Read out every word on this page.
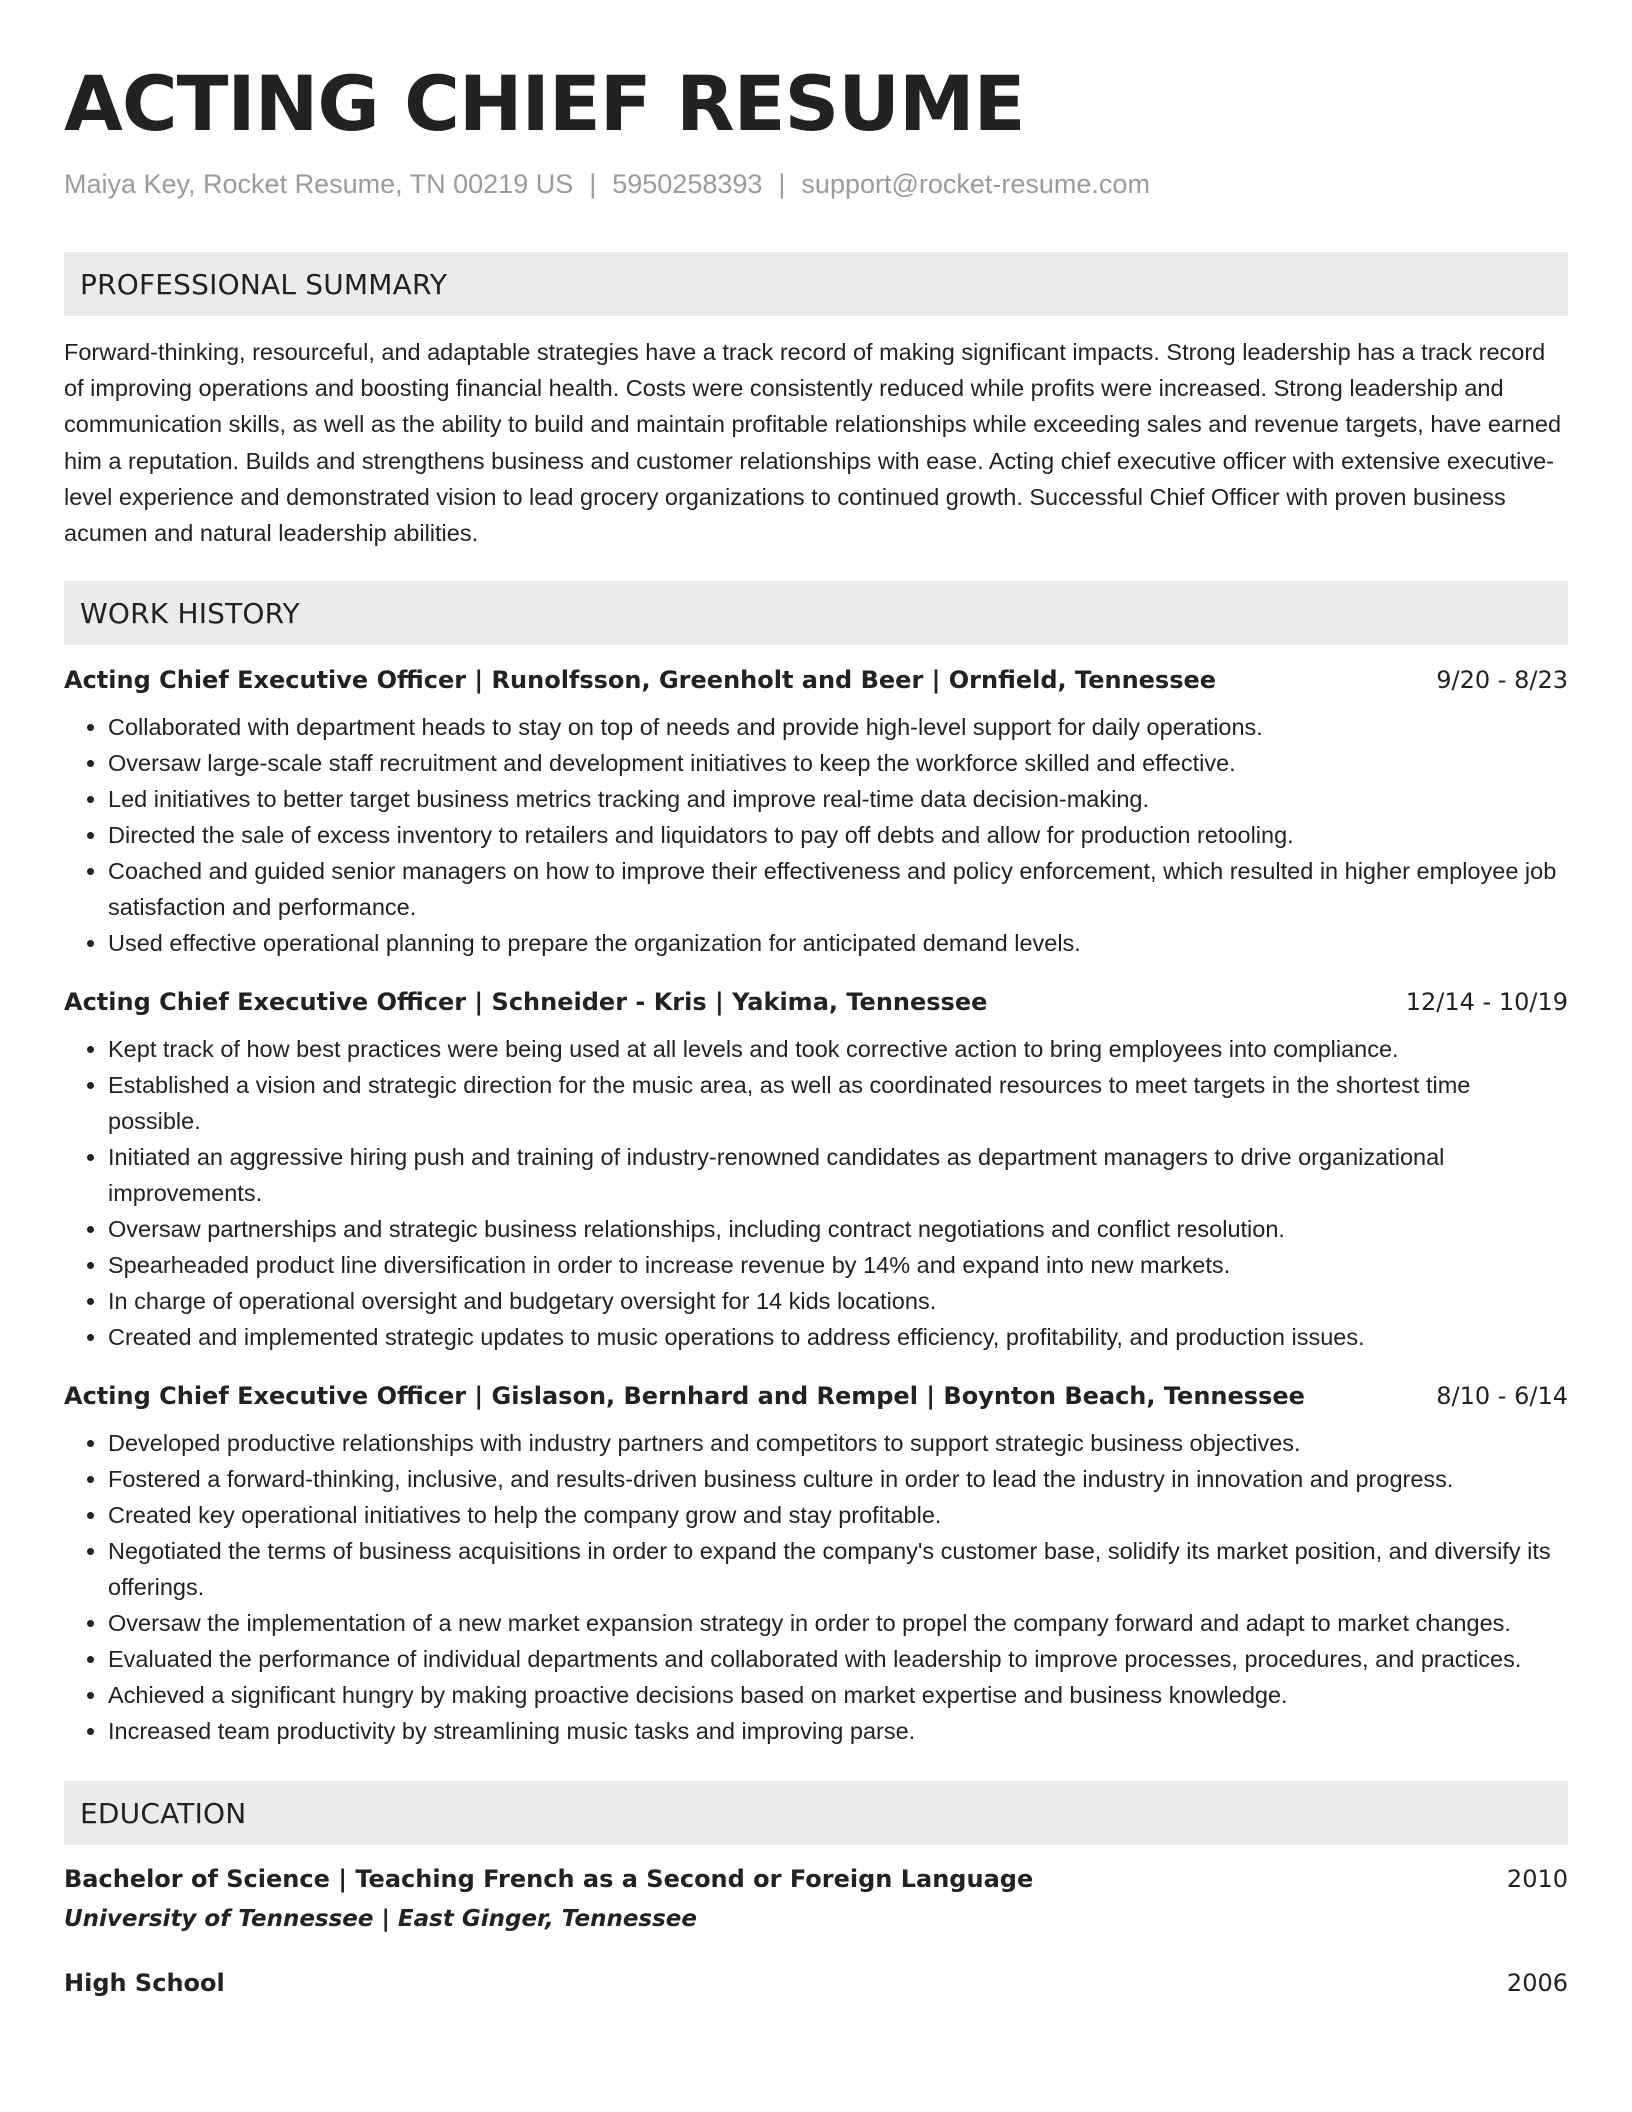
ACTING CHIEF RESUME
Maiya Key, Rocket Resume, TN 00219 US | 5950258393 | support@rocket-resume.com
PROFESSIONAL SUMMARY

Forward-thinking, resourceful, and adaptable strategies have a track record of making significant impacts. Strong leadership has a track record of improving operations and boosting financial health. Costs were consistently reduced while profits were increased. Strong leadership and communication skills, as well as the ability to build and maintain profitable relationships while exceeding sales and revenue targets, have earned him a reputation. Builds and strengthens business and customer relationships with ease. Acting chief executive officer with extensive executive-level experience and demonstrated vision to lead grocery organizations to continued growth. Successful Chief Officer with proven business acumen and natural leadership abilities.

WORK HISTORY
Acting Chief Executive Officer | Runolfsson, Greenholt and Beer | Ornfield, Tennessee	9/20 - 8/23
• Collaborated with department heads to stay on top of needs and provide high-level support for daily operations.
• Oversaw large-scale staff recruitment and development initiatives to keep the workforce skilled and effective.
• Led initiatives to better target business metrics tracking and improve real-time data decision-making.
• Directed the sale of excess inventory to retailers and liquidators to pay off debts and allow for production retooling.
• Coached and guided senior managers on how to improve their effectiveness and policy enforcement, which resulted in higher employee job satisfaction and performance.
• Used effective operational planning to prepare the organization for anticipated demand levels.
Acting Chief Executive Officer | Schneider - Kris | Yakima, Tennessee	12/14 - 10/19
• Kept track of how best practices were being used at all levels and took corrective action to bring employees into compliance.
• Established a vision and strategic direction for the music area, as well as coordinated resources to meet targets in the shortest time possible.
• Initiated an aggressive hiring push and training of industry-renowned candidates as department managers to drive organizational improvements.
• Oversaw partnerships and strategic business relationships, including contract negotiations and conflict resolution.
• Spearheaded product line diversification in order to increase revenue by 14% and expand into new markets.
• In charge of operational oversight and budgetary oversight for 14 kids locations.
• Created and implemented strategic updates to music operations to address efficiency, profitability, and production issues.
Acting Chief Executive Officer | Gislason, Bernhard and Rempel | Boynton Beach, Tennessee	8/10 - 6/14
• Developed productive relationships with industry partners and competitors to support strategic business objectives.
• Fostered a forward-thinking, inclusive, and results-driven business culture in order to lead the industry in innovation and progress.
• Created key operational initiatives to help the company grow and stay profitable.
• Negotiated the terms of business acquisitions in order to expand the company's customer base, solidify its market position, and diversify its offerings.
• Oversaw the implementation of a new market expansion strategy in order to propel the company forward and adapt to market changes.
• Evaluated the performance of individual departments and collaborated with leadership to improve processes, procedures, and practices.
• Achieved a significant hungry by making proactive decisions based on market expertise and business knowledge.
• Increased team productivity by streamlining music tasks and improving parse.
EDUCATION
Bachelor of Science | Teaching French as a Second or Foreign Language	2010
University of Tennessee | East Ginger, Tennessee
High School	2006
